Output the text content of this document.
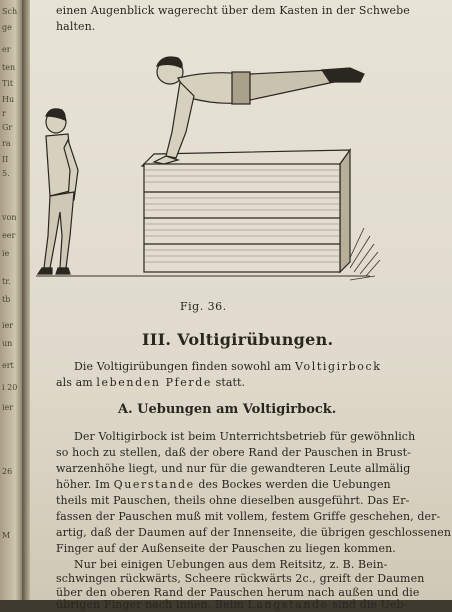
Sch
ge
er
ten
Tit
Hu
r
Gr
ra
II
5.
von
eer
ie
tr.
tb
ier
un
ert
i 20
ier
26
M
einen Augenblick wagerecht über dem Kasten in der Schwebe
halten.
Fig. 36.
III. Voltigirübungen.
Die Voltigirübungen finden sowohl am Voltigirbock
als am lebenden Pferde statt.
A. Uebungen am Voltigirbock.
Der Voltigirbock ist beim Unterrichtsbetrieb für gewöhnlich
so hoch zu stellen, daß der obere Rand der Pauschen in Brust-
warzenhöhe liegt, und nur für die gewandteren Leute allmälig
höher. Im Querstande des Bockes werden die Uebungen
theils mit Pauschen, theils ohne dieselben ausgeführt. Das Er-
fassen der Pauschen muß mit vollem, festem Griffe geschehen, der-
artig, daß der Daumen auf der Innenseite, die übrigen geschlossenen
Finger auf der Außenseite der Pauschen zu liegen kommen.
Nur bei einigen Uebungen aus dem Reitsitz, z. B. Bein-
schwingen rückwärts, Scheere rückwärts 2c., greift der Daumen
über den oberen Rand der Pauschen herum nach außen und die
übrigen Finger nach innen. Beim Langstande sind die Ueb-
